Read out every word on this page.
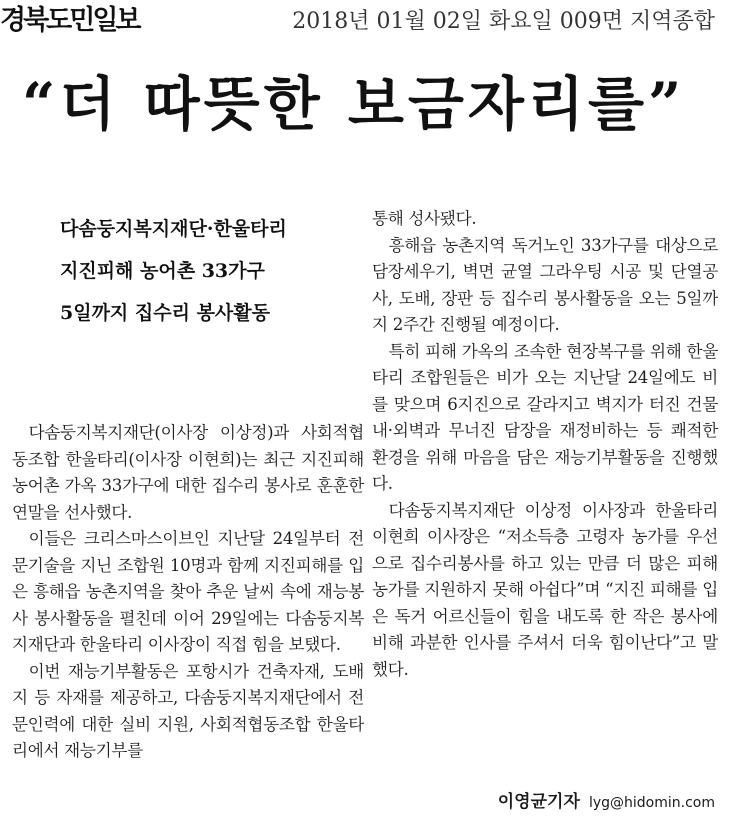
경북도민일보	2018년 01월 02일 화요일 009면 지역종합
“더 따뜻한 보금자리를”
다솜둥지복지재단·한울타리
지진피해 농어촌 33가구
5일까지 집수리 봉사활동

다솜둥지복지재단(이사장 이상정)과 사회적협동조합 한울타리(이사장 이현희)는 최근 지진피해 농어촌 가옥 33가구에 대한 집수리 봉사로 훈훈한 연말을 선사했다.

이들은 크리스마스이브인 지난달 24일부터 전문기술을 지닌 조합원 10명과 함께 지진피해를 입은 흥해읍 농촌지역을 찾아 추운 날씨 속에 재능봉사 봉사활동을 펼친데 이어 29일에는 다솜둥지복지재단과 한울타리 이사장이 직접 힘을 보탰다.

이번 재능기부활동은 포항시가 건축자재, 도배지 등 자재를 제공하고, 다솜둥지복지재단에서 전문인력에 대한 실비 지원, 사회적협동조합 한울타리에서 재능기부를

통해 성사됐다.

흥해읍 농촌지역 독거노인 33가구를 대상으로 담장세우기, 벽면 균열 그라우팅 시공 및 단열공사, 도배, 장판 등 집수리 봉사활동을 오는 5일까지 2주간 진행될 예정이다.

특히 피해 가옥의 조속한 현장복구를 위해 한울타리 조합원들은 비가 오는 지난달 24일에도 비를 맞으며 6지진으로 갈라지고 벽지가 터진 건물 내·외벽과 무너진 담장을 재정비하는 등 쾌적한 환경을 위해 마음을 담은 재능기부활동을 진행했다.

다솜둥지복지재단 이상정 이사장과 한울타리 이현희 이사장은 “저소득층 고령자 농가를 우선으로 집수리봉사를 하고 있는 만큼 더 많은 피해 농가를 지원하지 못해 아쉽다”며 “지진 피해를 입은 독거 어르신들이 힘을 내도록 한 작은 봉사에 비해 과분한 인사를 주셔서 더욱 힘이난다”고 말했다.

이영균기자 lyg@hidomin.com
